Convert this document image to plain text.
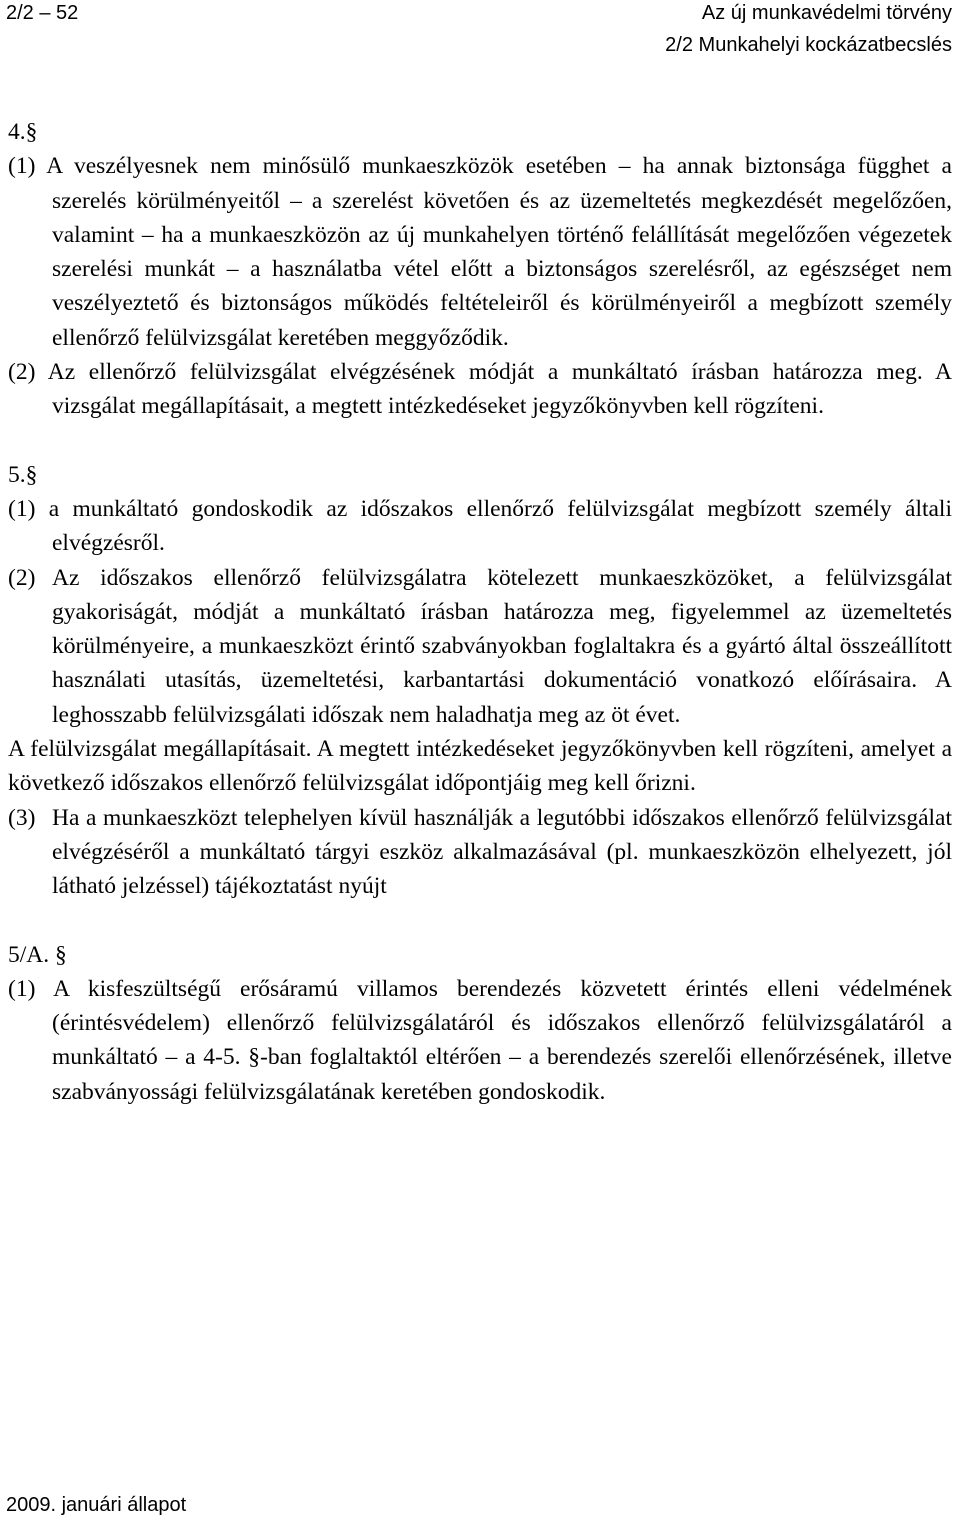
2/2 – 52	Az új munkavédelmi törvény
2/2 Munkahelyi kockázatbecslés

4.§

(1) A veszélyesnek nem minősülő munkaeszközök esetében – ha annak biztonsága függhet a szerelés körülményeitől – a szerelést követően és az üzemeltetés megkezdését megelőzően, valamint – ha a munkaeszközön az új munkahelyen történő felállítását megelőzően végezetek szerelési munkát – a használatba vétel előtt a biztonságos szerelésről, az egészséget nem veszélyeztető és biztonságos működés feltételeiről és körülményeiről a megbízott személy ellenőrző felülvizsgálat keretében meggyőződik.

(2) Az ellenőrző felülvizsgálat elvégzésének módját a munkáltató írásban határozza meg. A vizsgálat megállapításait, a megtett intézkedéseket jegyzőkönyvben kell rögzíteni.

5.§

(1) a munkáltató gondoskodik az időszakos ellenőrző felülvizsgálat megbízott személy általi elvégzésről.

(2) Az időszakos ellenőrző felülvizsgálatra kötelezett munkaeszközöket, a felülvizsgálat gyakoriságát, módját a munkáltató írásban határozza meg, figyelemmel az üzemeltetés körülményeire, a munkaeszközt érintő szabványokban foglaltakra és a gyártó által összeállított használati utasítás, üzemeltetési, karbantartási dokumentáció vonatkozó előírásaira. A leghosszabb felülvizsgálati időszak nem haladhatja meg az öt évet.

A felülvizsgálat megállapításait. A megtett intézkedéseket jegyzőkönyvben kell rögzíteni, amelyet a következő időszakos ellenőrző felülvizsgálat időpontjáig meg kell őrizni.

(3) Ha a munkaeszközt telephelyen kívül használják a legutóbbi időszakos ellenőrző felülvizsgálat elvégzéséről a munkáltató tárgyi eszköz alkalmazásával (pl. munkaeszközön elhelyezett, jól látható jelzéssel) tájékoztatást nyújt

5/A. §

(1) A kisfeszültségű erősáramú villamos berendezés közvetett érintés elleni védelmének (érintésvédelem) ellenőrző felülvizsgálatáról és időszakos ellenőrző felülvizsgálatáról a munkáltató – a 4-5. §-ban foglaltaktól eltérően – a berendezés szerelői ellenőrzésének, illetve szabványossági felülvizsgálatának keretében gondoskodik.

2009. januári állapot
